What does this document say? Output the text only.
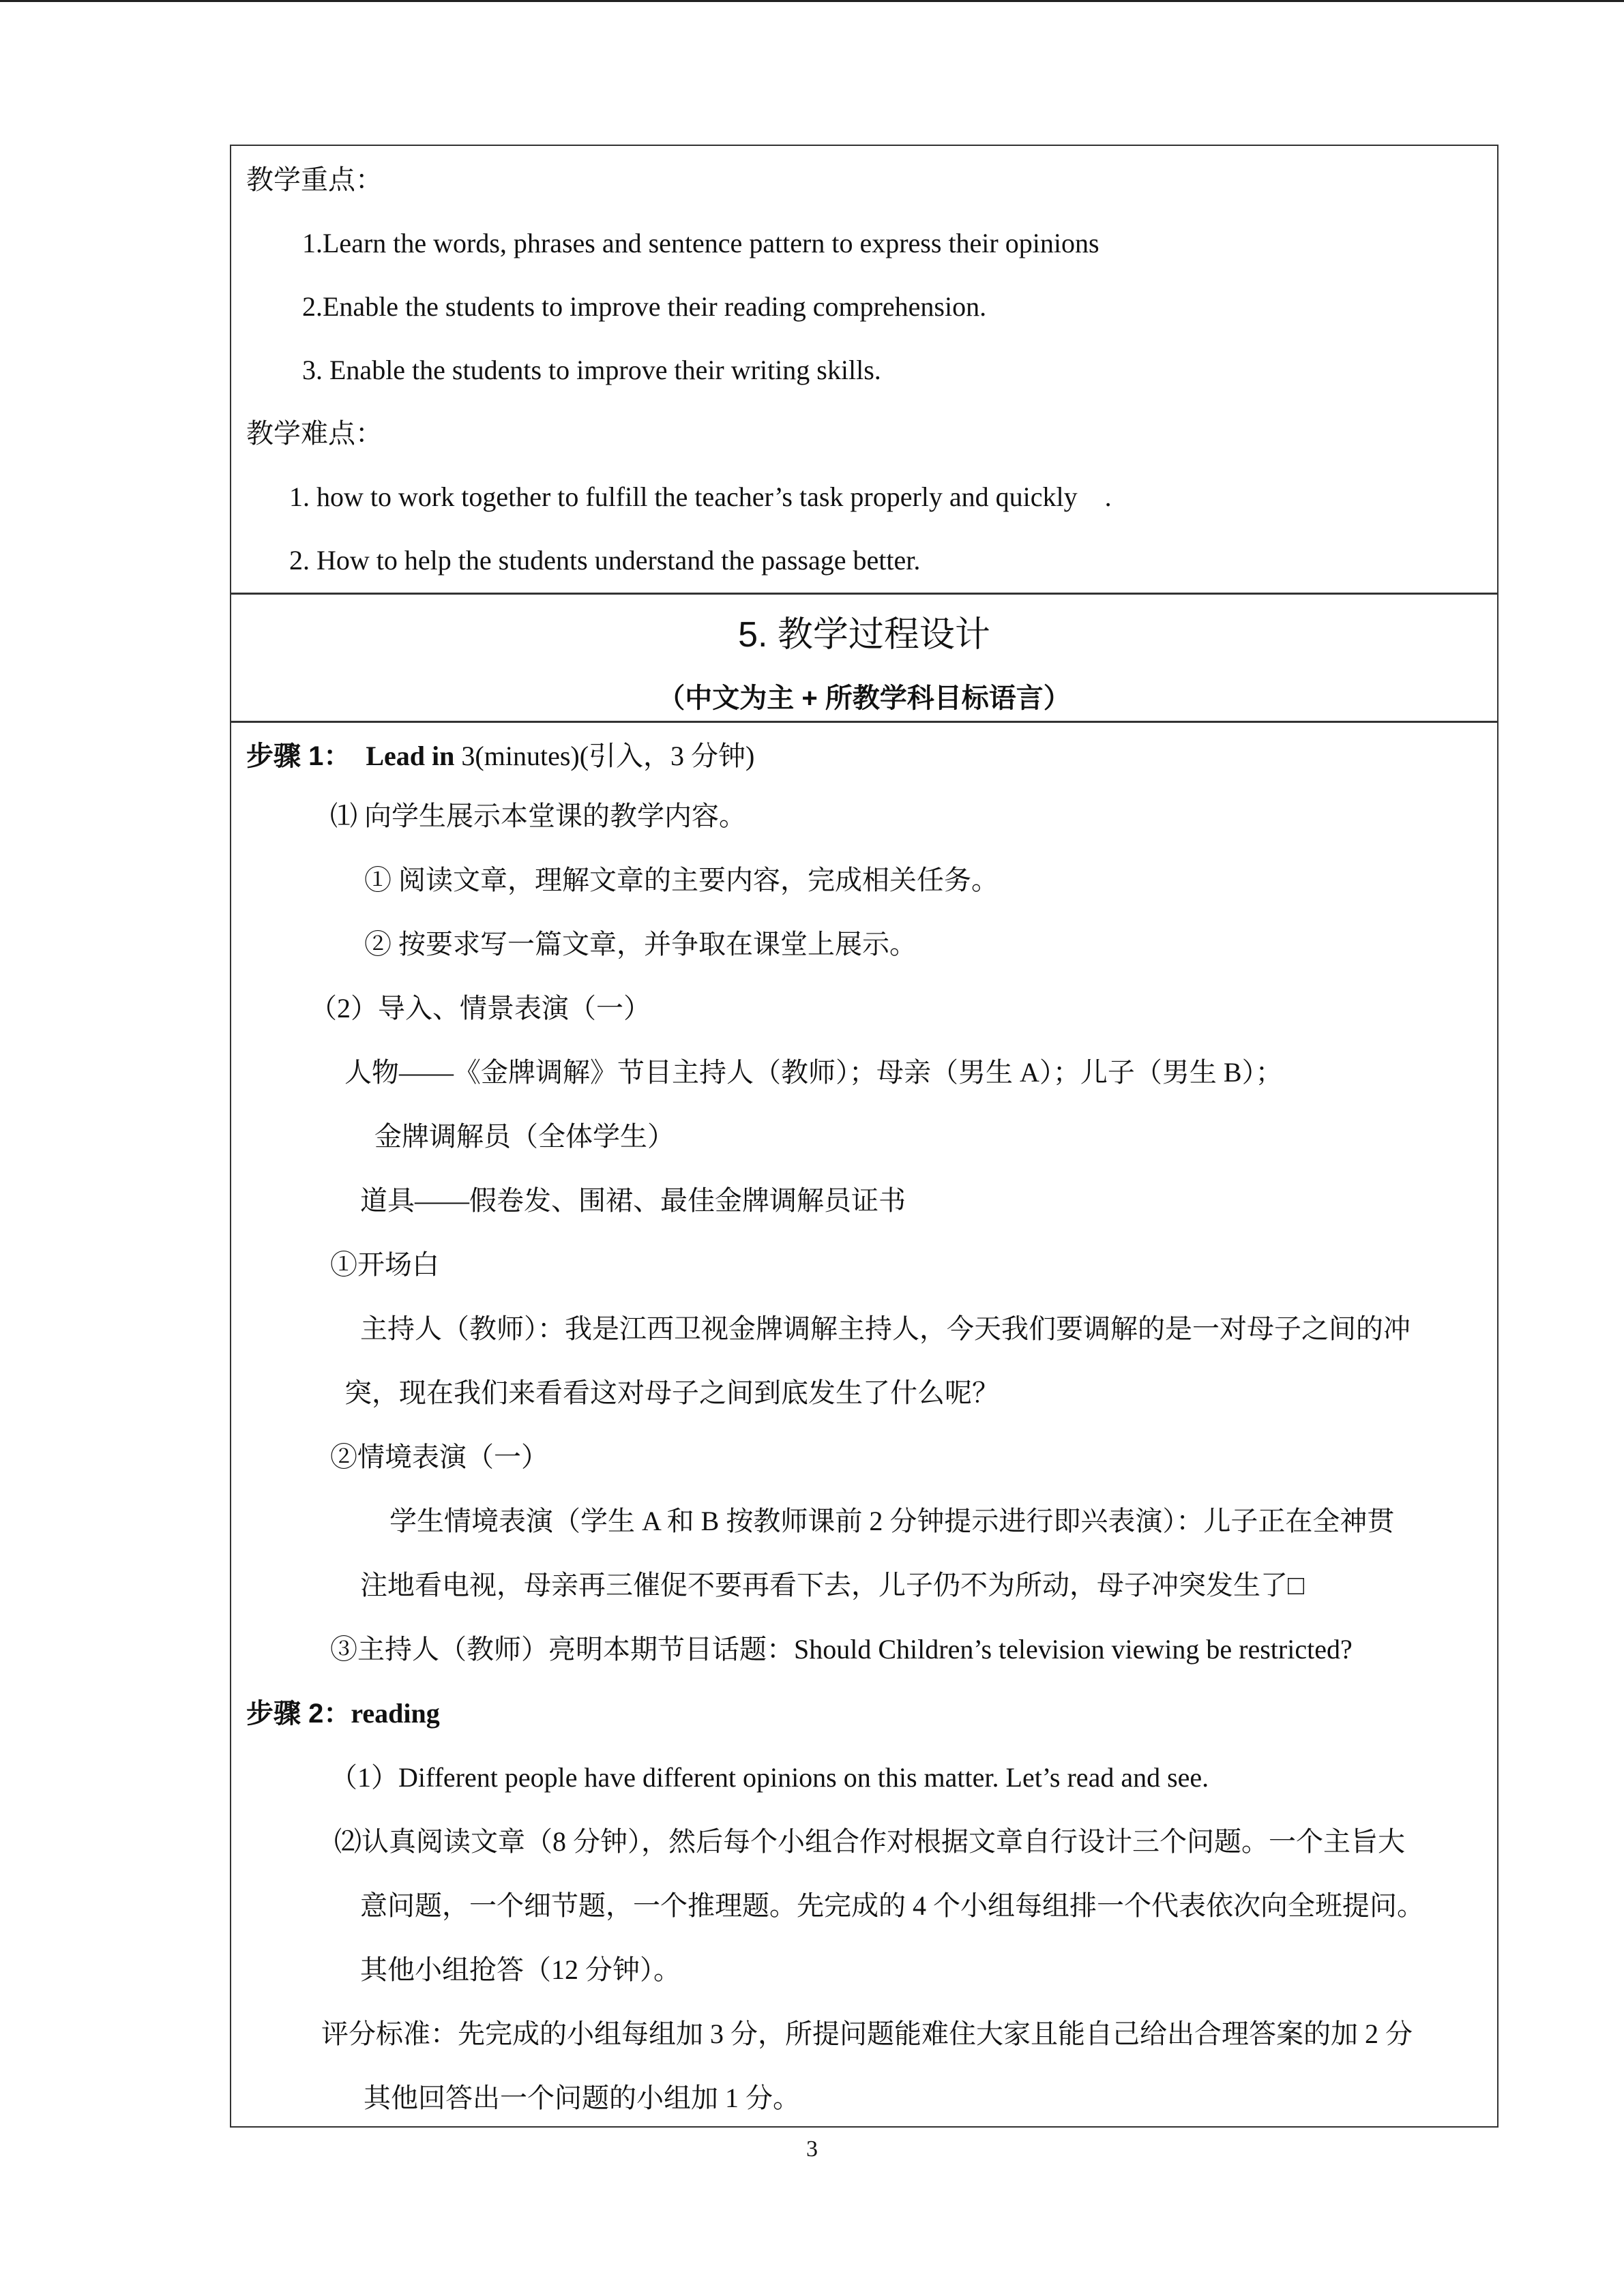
教学重点：
1.Learn the words, phrases and sentence pattern to express their opinions
2.Enable the students to improve their reading comprehension.
3. Enable the students to improve their writing skills.
教学难点：
1. how to work together to fulfill the teacher’s task properly and quickly    .
2. How to help the students understand the passage better.
5. 教学过程设计
（中文为主 + 所教学科目标语言）
步骤 1： Lead in 3(minutes)(引入，3 分钟)
⑴ 向学生展示本堂课的教学内容。
① 阅读文章，理解文章的主要内容，完成相关任务。
② 按要求写一篇文章，并争取在课堂上展示。
（2）导入、情景表演（一）
人物——《金牌调解》节目主持人（教师）；母亲（男生 A）；儿子（男生 B）；
金牌调解员（全体学生）
道具——假卷发、围裙、最佳金牌调解员证书
①开场白
主持人（教师）：我是江西卫视金牌调解主持人，今天我们要调解的是一对母子之间的冲
突，现在我们来看看这对母子之间到底发生了什么呢？
②情境表演（一）
学生情境表演（学生 A 和 B 按教师课前 2 分钟提示进行即兴表演）：儿子正在全神贯
注地看电视，母亲再三催促不要再看下去，儿子仍不为所动，母子冲突发生了□
③主持人（教师）亮明本期节目话题：Should Children’s television viewing be restricted?
步骤 2：reading
（1）Different people have different opinions on this matter. Let’s read and see.
⑵认真阅读文章（8 分钟），然后每个小组合作对根据文章自行设计三个问题。一个主旨大
意问题，一个细节题，一个推理题。先完成的 4 个小组每组排一个代表依次向全班提问。
其他小组抢答（12 分钟）。
评分标准：先完成的小组每组加 3 分，所提问题能难住大家且能自己给出合理答案的加 2 分
其他回答出一个问题的小组加 1 分。
3
